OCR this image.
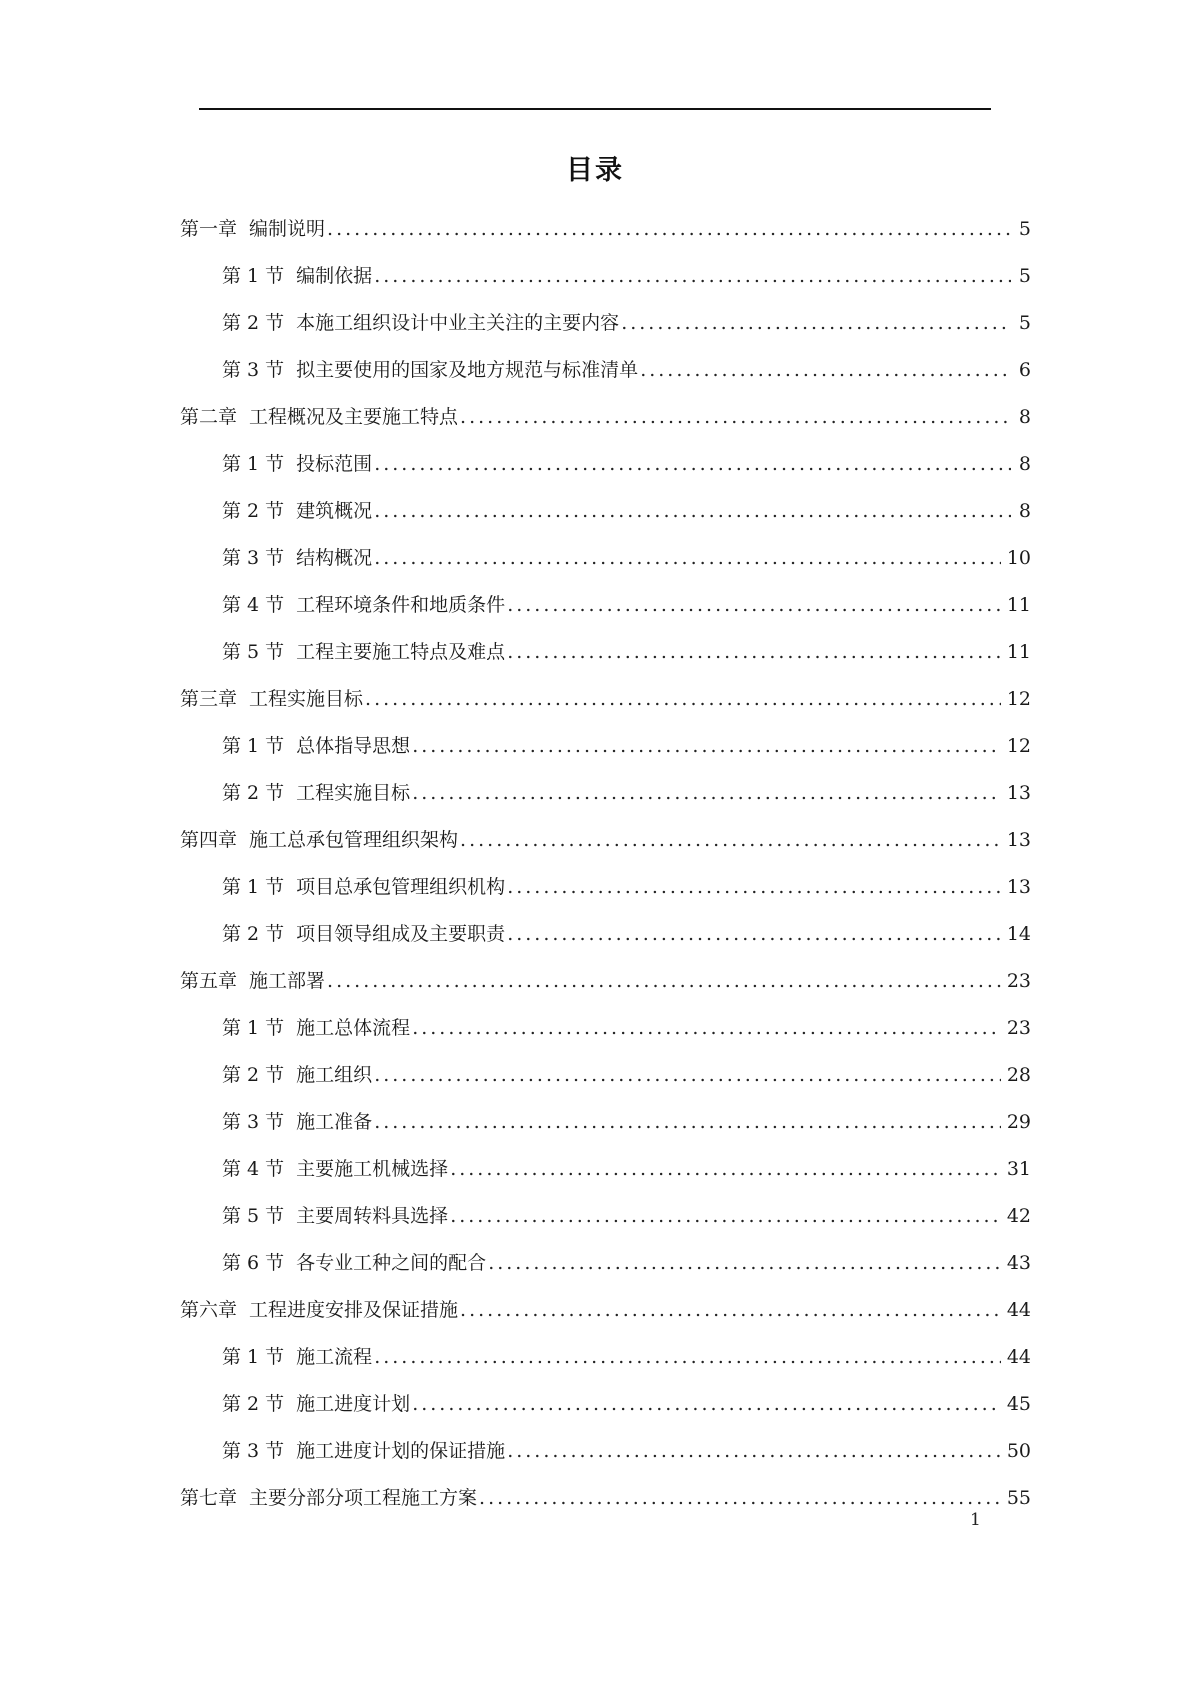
目录
第一章 编制说明 .....	5
第 1 节 编制依据 .....	5
第 2 节 本施工组织设计中业主关注的主要内容 .....	5
第 3 节 拟主要使用的国家及地方规范与标准清单 .....	6
第二章 工程概况及主要施工特点 .....	8
第 1 节 投标范围 .....	8
第 2 节 建筑概况 .....	8
第 3 节 结构概况 .....	10
第 4 节 工程环境条件和地质条件 .....	11
第 5 节 工程主要施工特点及难点 .....	11
第三章 工程实施目标 .....	12
第 1 节 总体指导思想 .....	12
第 2 节 工程实施目标 .....	13
第四章 施工总承包管理组织架构 .....	13
第 1 节 项目总承包管理组织机构 .....	13
第 2 节 项目领导组成及主要职责 .....	14
第五章 施工部署 .....	23
第 1 节 施工总体流程 .....	23
第 2 节 施工组织 .....	28
第 3 节 施工准备 .....	29
第 4 节 主要施工机械选择 .....	31
第 5 节 主要周转料具选择 .....	42
第 6 节 各专业工种之间的配合 .....	43
第六章 工程进度安排及保证措施 .....	44
第 1 节 施工流程 .....	44
第 2 节 施工进度计划 .....	45
第 3 节 施工进度计划的保证措施 .....	50
第七章 主要分部分项工程施工方案 .....	55
1
